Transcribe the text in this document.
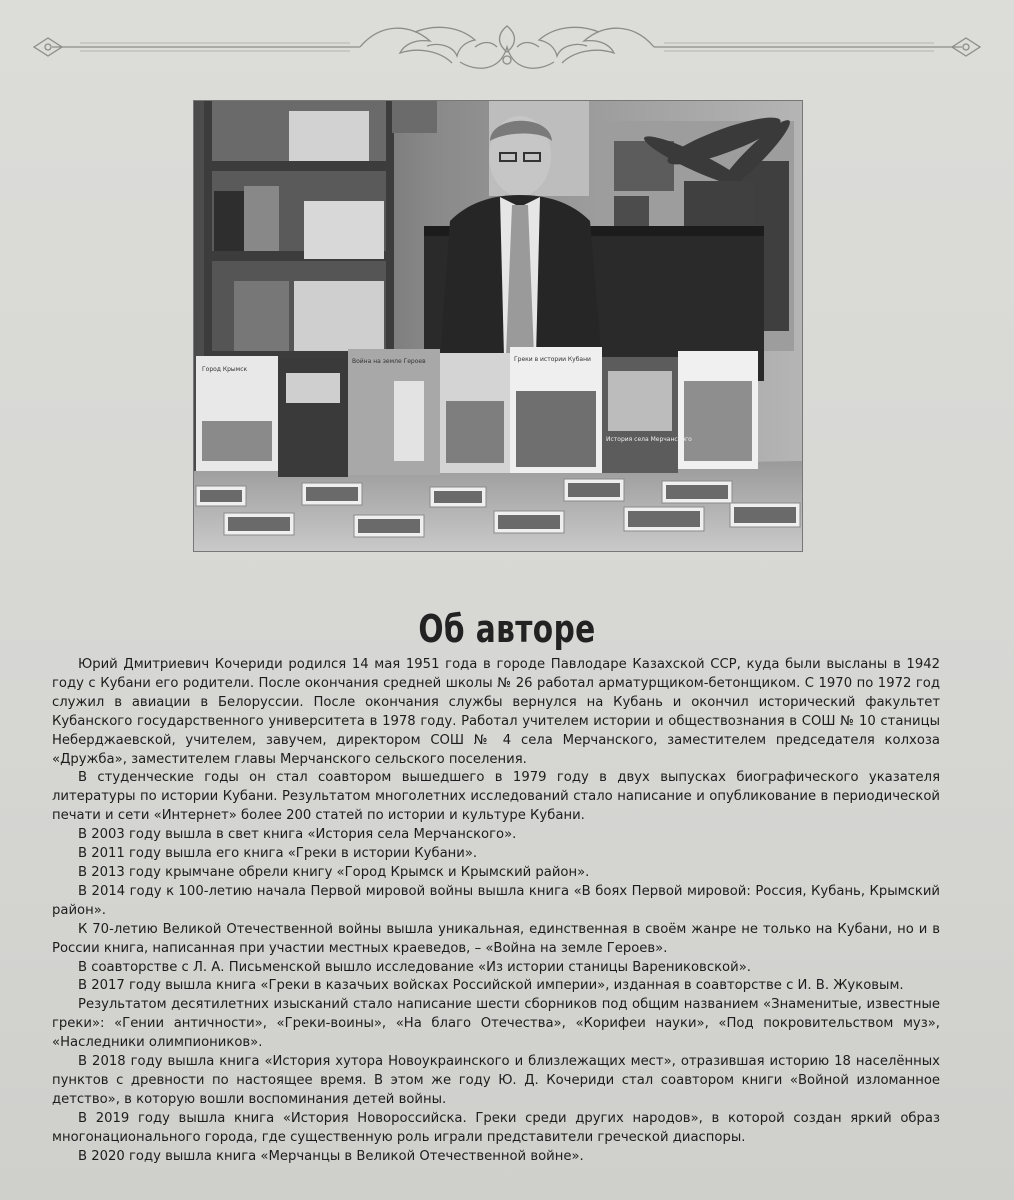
Город Крымск
Война на земле Героев	Греки в истории Кубани
История села Мерчанского
Об авторе

Юрий Дмитриевич Кочериди родился 14 мая 1951 года в городе Павлодаре Казахской ССР, куда были высланы в 1942 году с Кубани его родители. После окончания средней школы № 26 работал арматурщиком-бетонщиком. С 1970 по 1972 год служил в авиации в Белоруссии. После окончания службы вернулся на Кубань и окончил исторический факультет Кубанского государственного университета в 1978 году. Работал учителем истории и обществознания в СОШ № 10 станицы Неберджаевской, учителем, завучем, директором СОШ № 4 села Мерчанского, заместителем председателя колхоза «Дружба», заместителем главы Мерчанского сельского поселения.

В студенческие годы он стал соавтором вышедшего в 1979 году в двух выпусках биографического указателя литературы по истории Кубани. Результатом многолетних исследований стало написание и опубликование в периодической печати и сети «Интернет» более 200 статей по истории и культуре Кубани.

В 2003 году вышла в свет книга «История села Мерчанского».

В 2011 году вышла его книга «Греки в истории Кубани».

В 2013 году крымчане обрели книгу «Город Крымск и Крымский район».

В 2014 году к 100-летию начала Первой мировой войны вышла книга «В боях Первой мировой: Россия, Кубань, Крымский район».

К 70-летию Великой Отечественной войны вышла уникальная, единственная в своём жанре не только на Кубани, но и в России книга, написанная при участии местных краеведов, – «Война на земле Героев».

В соавторстве с Л. А. Письменской вышло исследование «Из истории станицы Варениковской».

В 2017 году вышла книга «Греки в казачьих войсках Российской империи», изданная в соавторстве с И. В. Жуковым.

Результатом десятилетних изысканий стало написание шести сборников под общим названием «Знаменитые, известные греки»: «Гении античности», «Греки-воины», «На благо Отечества», «Корифеи науки», «Под покровительством муз», «Наследники олимпиоников».

В 2018 году вышла книга «История хутора Новоукраинского и близлежащих мест», отразившая историю 18 населённых пунктов с древности по настоящее время. В этом же году Ю. Д. Кочериди стал соавтором книги «Войной изломанное детство», в которую вошли воспоминания детей войны.

В 2019 году вышла книга «История Новороссийска. Греки среди других народов», в которой создан яркий образ многонационального города, где существенную роль играли представители греческой диаспоры.

В 2020 году вышла книга «Мерчанцы в Великой Отечественной войне».
